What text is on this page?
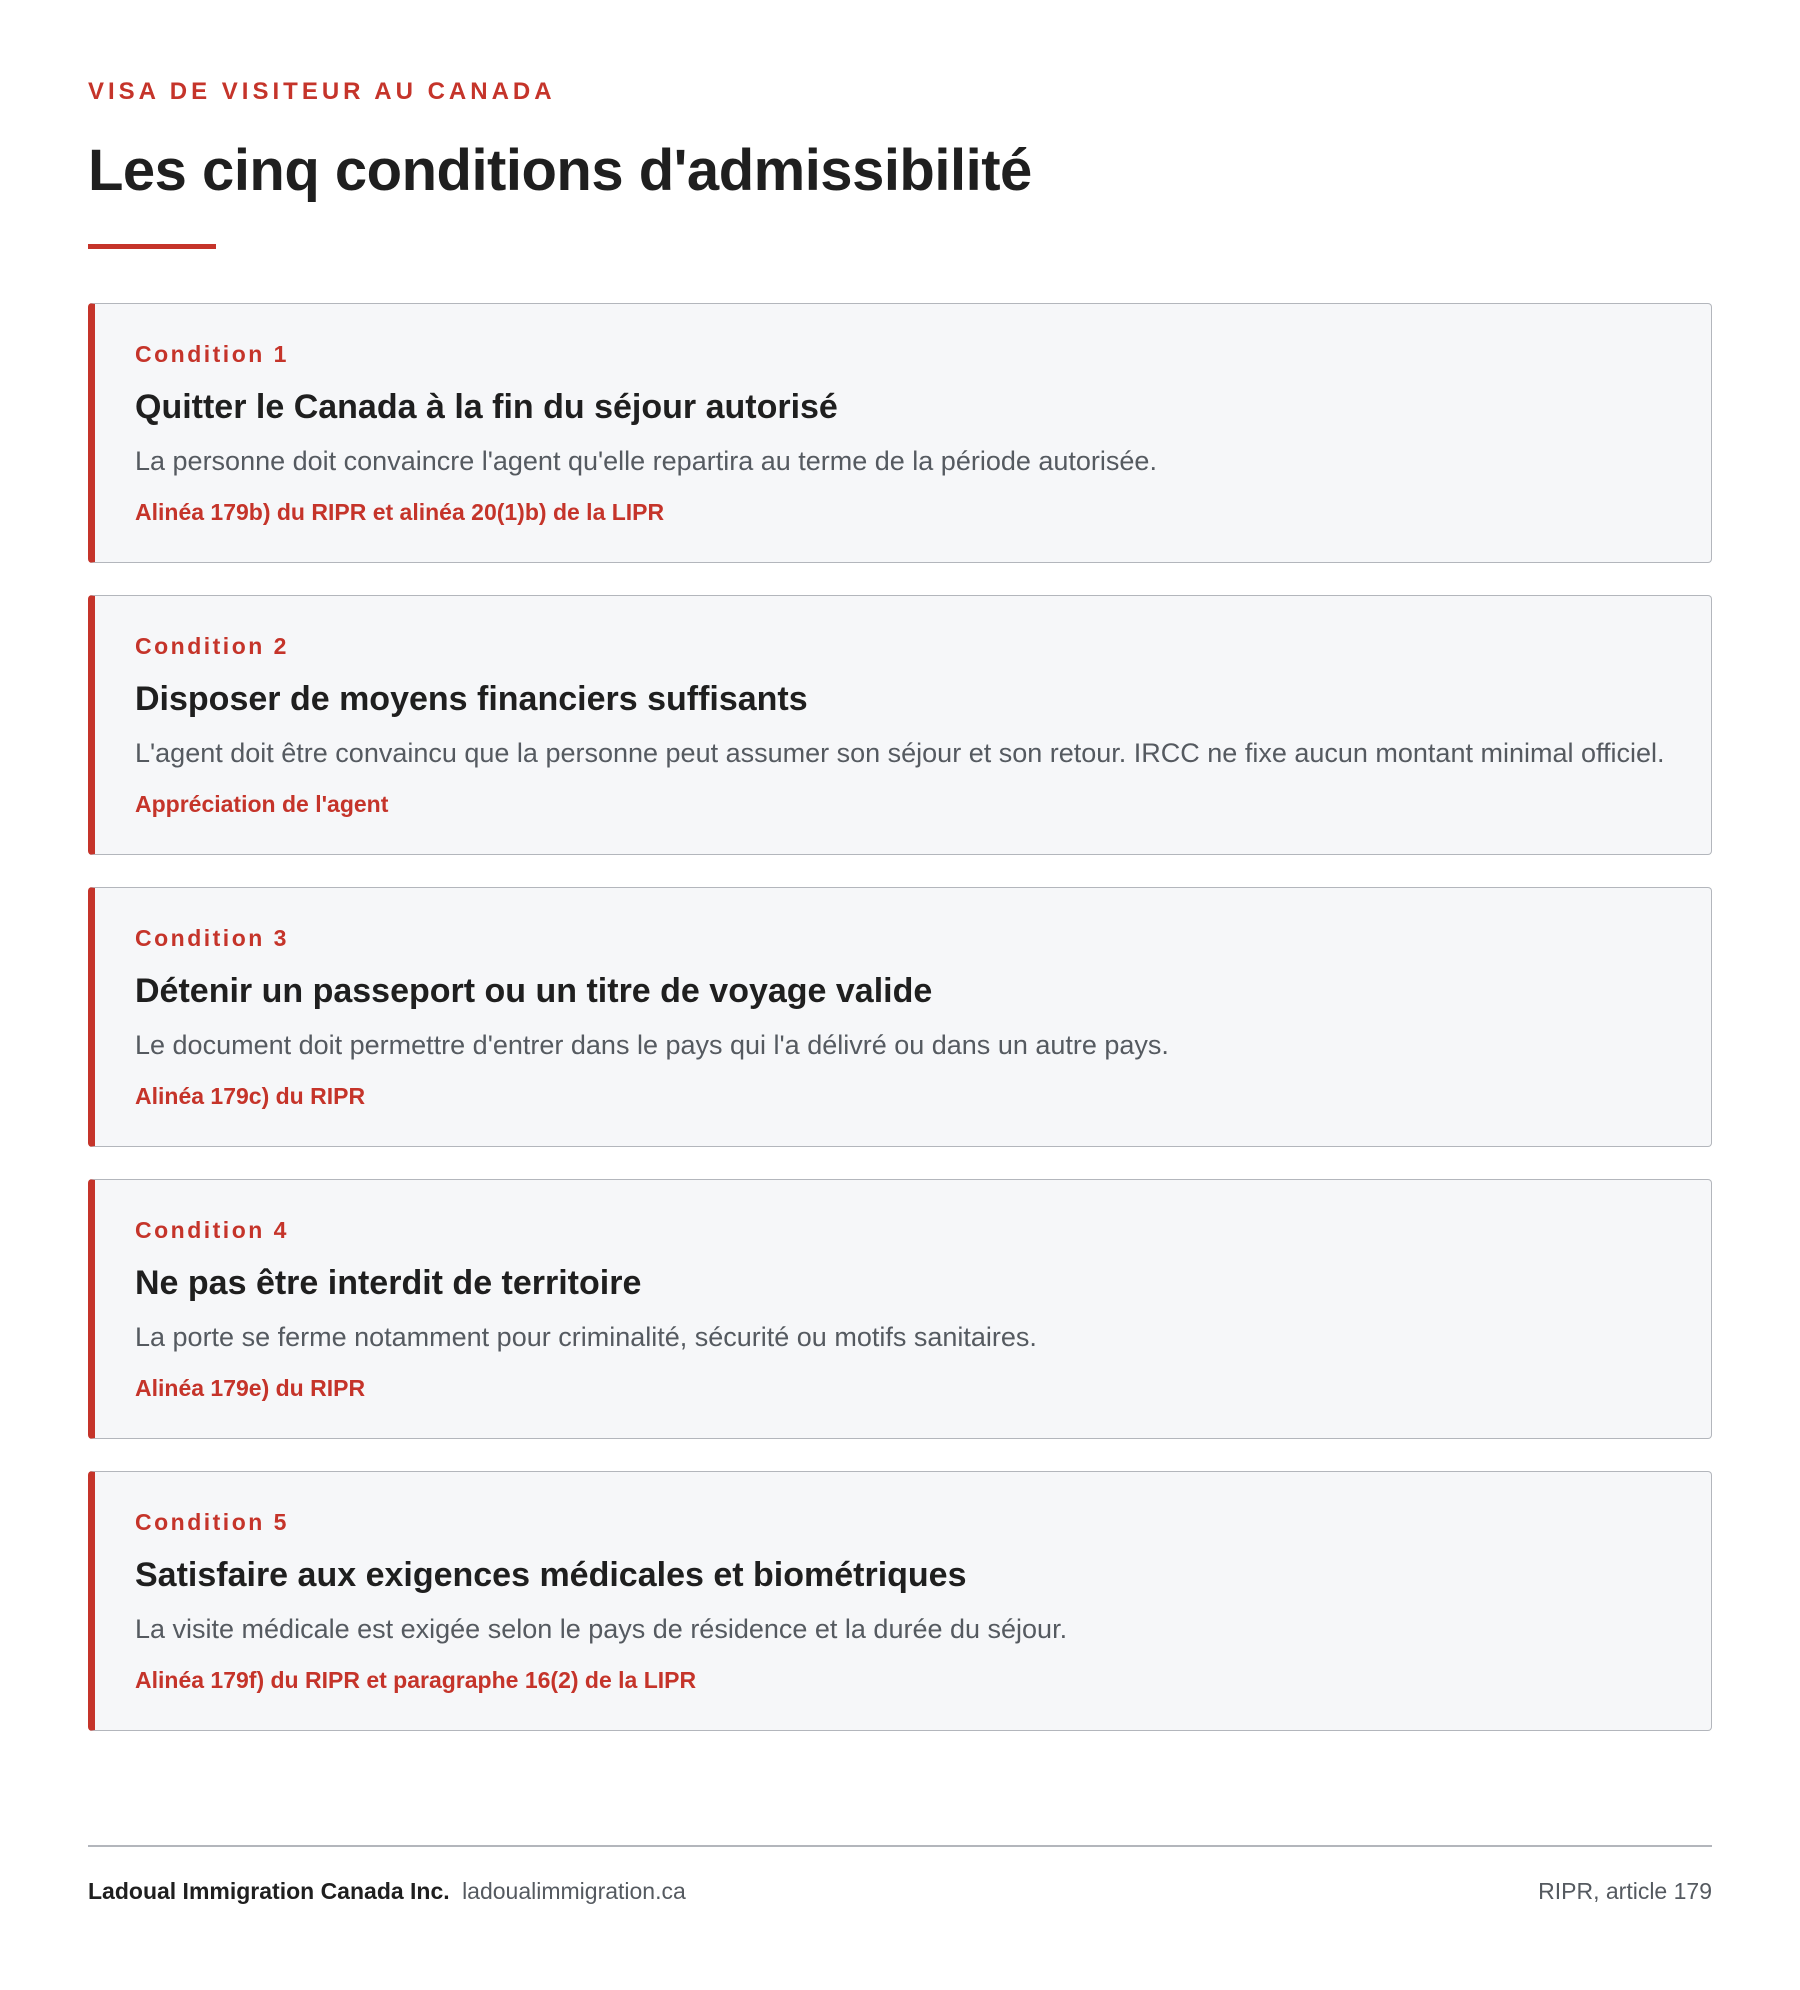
VISA DE VISITEUR AU CANADA
Les cinq conditions d'admissibilité
Condition 1
Quitter le Canada à la fin du séjour autorisé
La personne doit convaincre l'agent qu'elle repartira au terme de la période autorisée.
Alinéa 179b) du RIPR et alinéa 20(1)b) de la LIPR
Condition 2
Disposer de moyens financiers suffisants
L'agent doit être convaincu que la personne peut assumer son séjour et son retour. IRCC ne fixe aucun montant minimal officiel.
Appréciation de l'agent
Condition 3
Détenir un passeport ou un titre de voyage valide
Le document doit permettre d'entrer dans le pays qui l'a délivré ou dans un autre pays.
Alinéa 179c) du RIPR
Condition 4
Ne pas être interdit de territoire
La porte se ferme notamment pour criminalité, sécurité ou motifs sanitaires.
Alinéa 179e) du RIPR
Condition 5
Satisfaire aux exigences médicales et biométriques
La visite médicale est exigée selon le pays de résidence et la durée du séjour.
Alinéa 179f) du RIPR et paragraphe 16(2) de la LIPR
Ladoual Immigration Canada Inc. ladoualimmigration.ca	RIPR, article 179
